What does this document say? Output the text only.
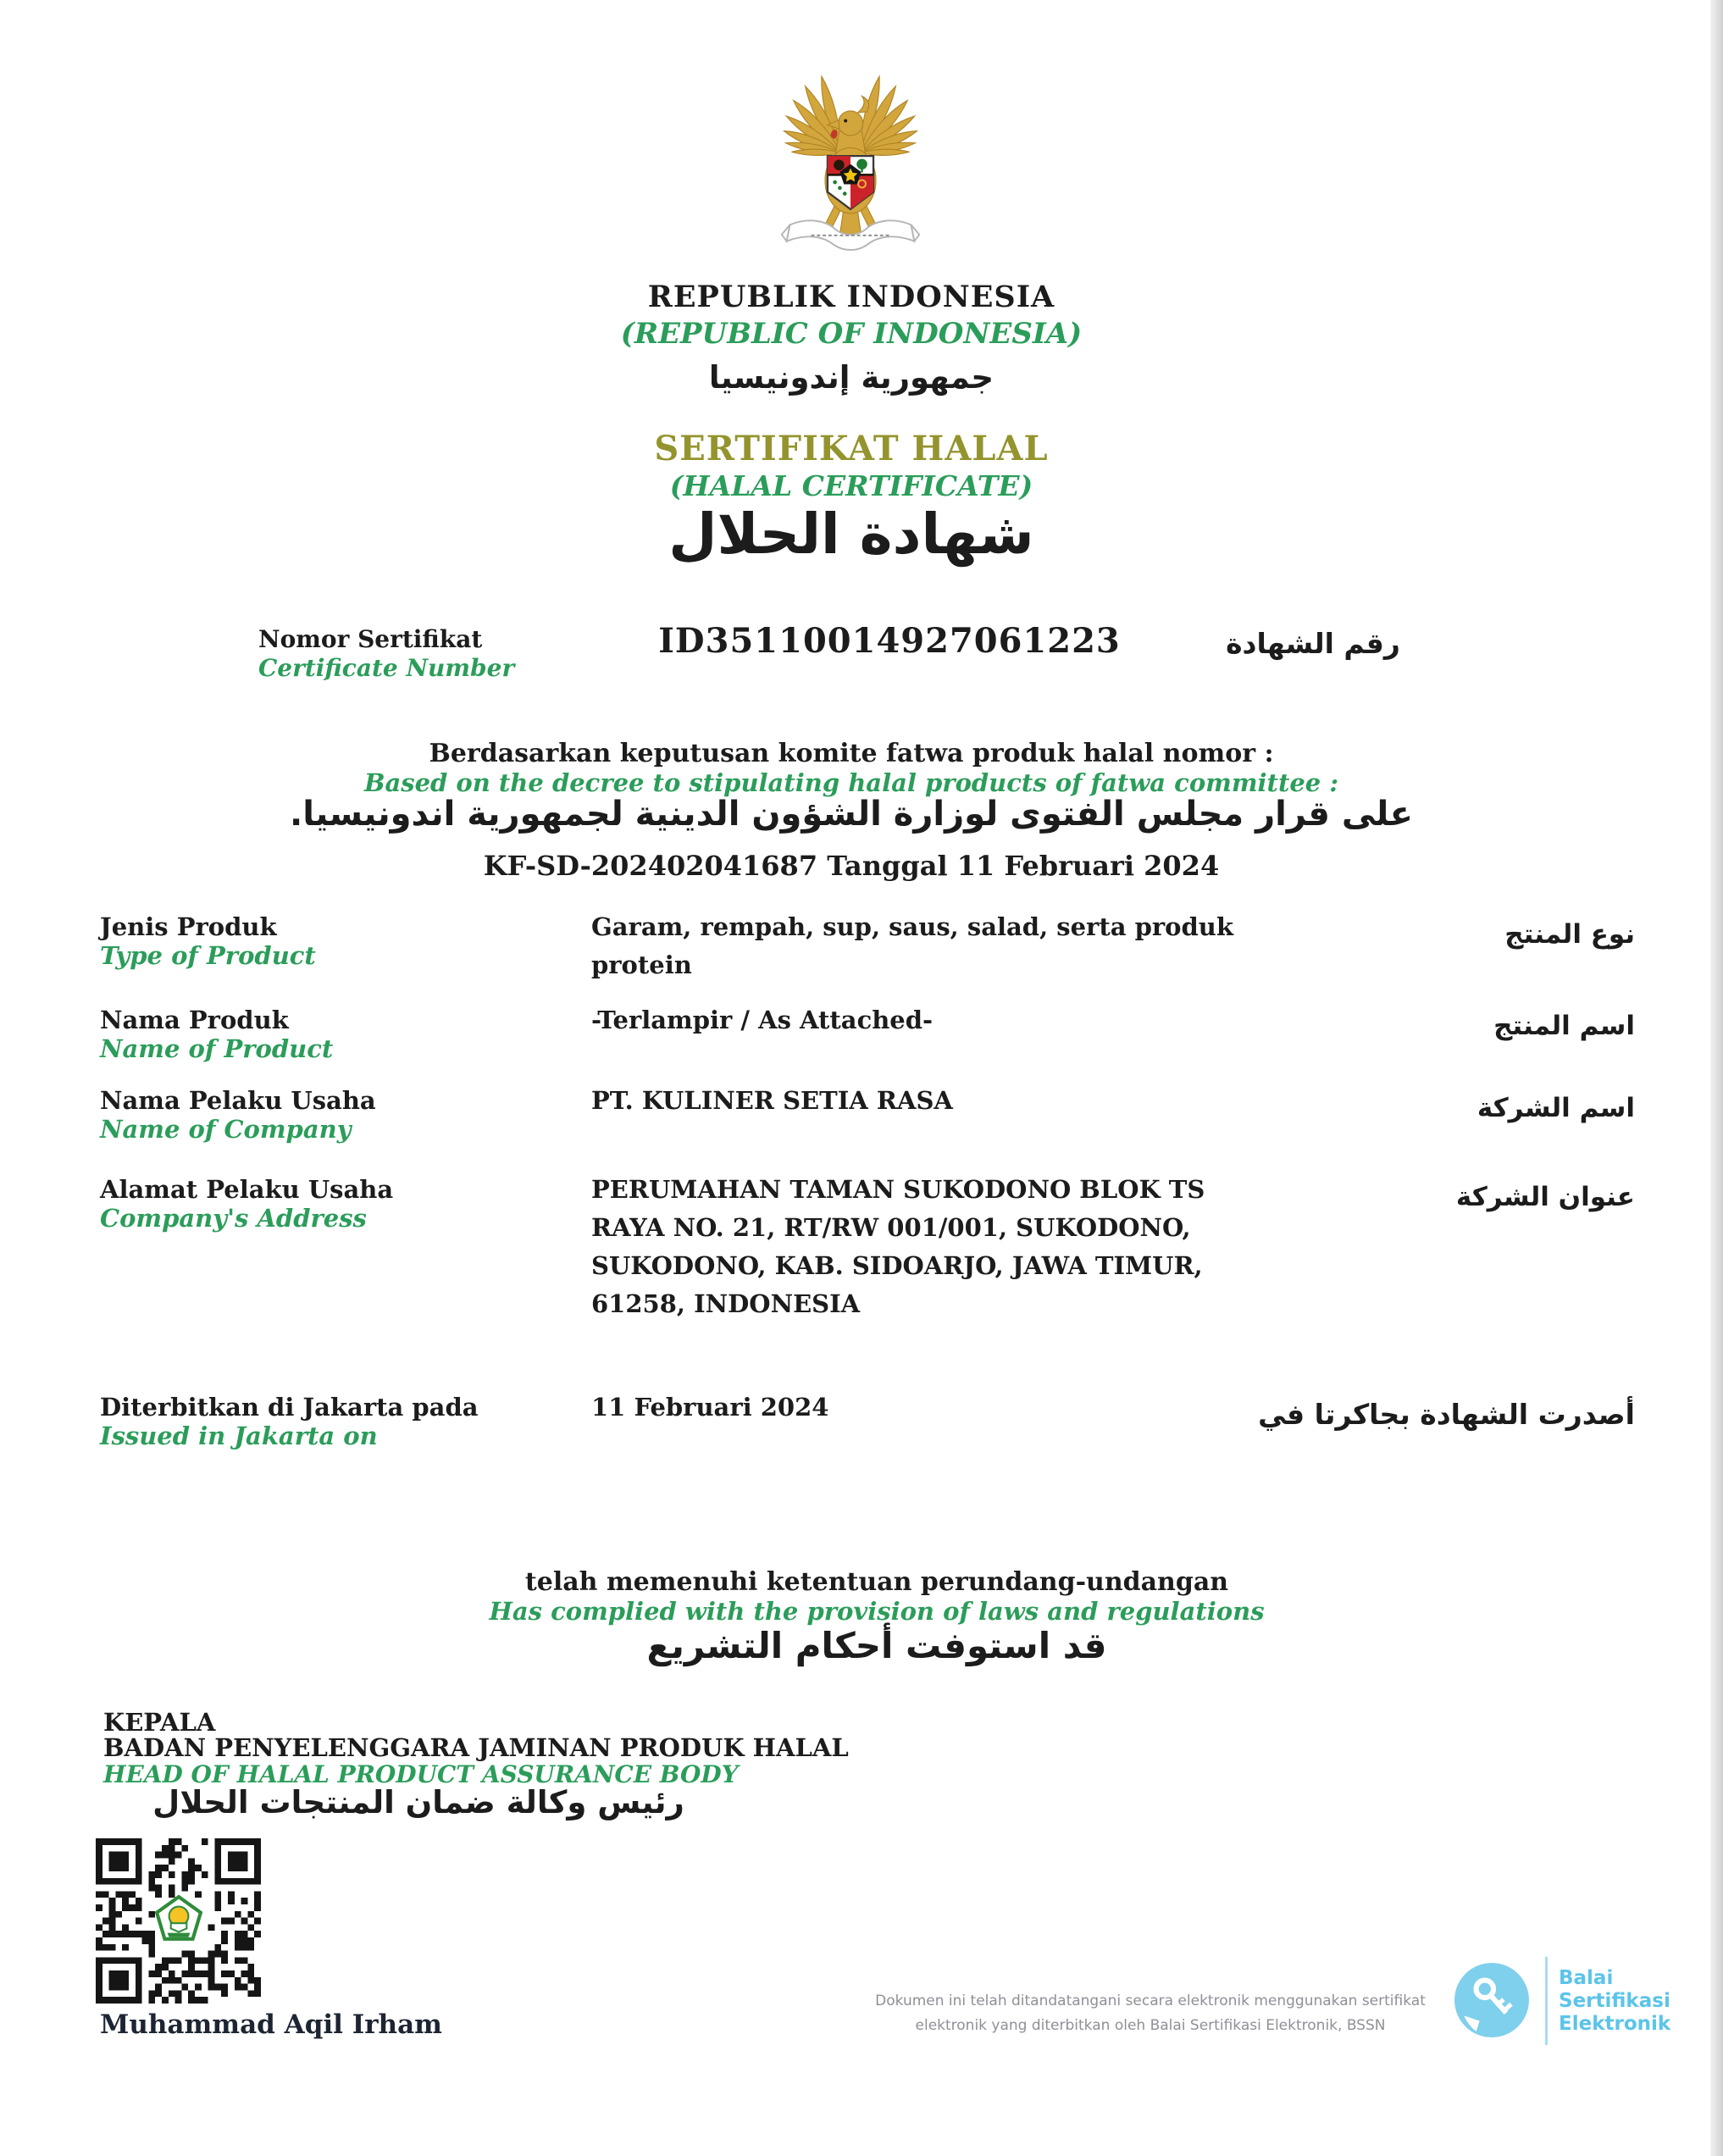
REPUBLIK INDONESIA
(REPUBLIC OF INDONESIA)
جمهورية إندونيسيا
SERTIFIKAT HALAL
(HALAL CERTIFICATE)
شهادة الحلال
Nomor Sertifikat
Certificate Number
ID35110014927061223	رقم الشهادة
Berdasarkan keputusan komite fatwa produk halal nomor :
Based on the decree to stipulating halal products of fatwa committee :
على قرار مجلس الفتوى لوزارة الشؤون الدينية لجمهورية اندونيسيا.
KF-SD-202402041687 Tanggal 11 Februari 2024
Jenis Produk
Type of Product
Garam, rempah, sup, saus, salad, serta produk
protein
نوع المنتج
Nama Produk
Name of Product
-Terlampir / As Attached-	اسم المنتج
Nama Pelaku Usaha
Name of Company
PT. KULINER SETIA RASA	اسم الشركة
Alamat Pelaku Usaha
Company's Address
PERUMAHAN TAMAN SUKODONO BLOK TS
RAYA NO. 21, RT/RW 001/001, SUKODONO,
SUKODONO, KAB. SIDOARJO, JAWA TIMUR,
61258, INDONESIA
عنوان الشركة
Diterbitkan di Jakarta pada
Issued in Jakarta on
11 Februari 2024	أصدرت الشهادة بجاكرتا في
telah memenuhi ketentuan perundang-undangan
Has complied with the provision of laws and regulations
قد استوفت أحكام التشريع
KEPALA
BADAN PENYELENGGARA JAMINAN PRODUK HALAL
HEAD OF HALAL PRODUCT ASSURANCE BODY
رئيس وكالة ضمان المنتجات الحلال
Muhammad Aqil Irham
Dokumen ini telah ditandatangani secara elektronik menggunakan sertifikat
elektronik yang diterbitkan oleh Balai Sertifikasi Elektronik, BSSN
Balai
Sertifikasi
Elektronik
